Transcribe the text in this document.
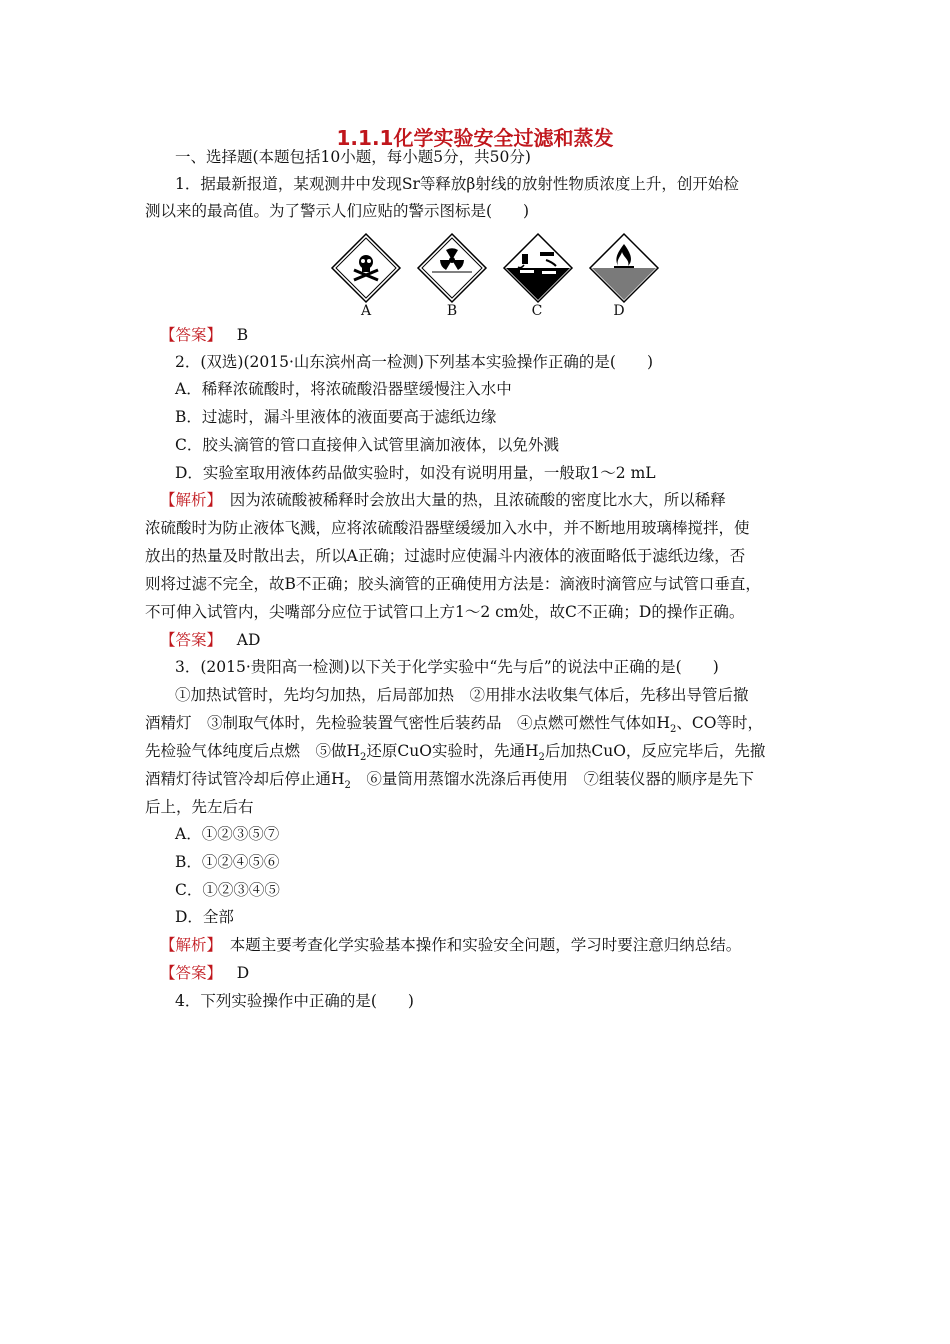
1.1.1化学实验安全过滤和蒸发
一、选择题(本题包括10小题，每小题5分，共50分)
1．据最新报道，某观测井中发现Sr等释放β射线的放射性物质浓度上升，创开始检
测以来的最高值。为了警示人们应贴的警示图标是(　　)
A	B	C	D
【答案】 B
2．(双选)(2015·山东滨州高一检测)下列基本实验操作正确的是(　　)
A．稀释浓硫酸时，将浓硫酸沿器壁缓慢注入水中
B．过滤时，漏斗里液体的液面要高于滤纸边缘
C．胶头滴管的管口直接伸入试管里滴加液体，以免外溅
D．实验室取用液体药品做实验时，如没有说明用量，一般取1～2 mL
【解析】　因为浓硫酸被稀释时会放出大量的热，且浓硫酸的密度比水大，所以稀释
浓硫酸时为防止液体飞溅，应将浓硫酸沿器壁缓缓加入水中，并不断地用玻璃棒搅拌，使
放出的热量及时散出去，所以A正确；过滤时应使漏斗内液体的液面略低于滤纸边缘，否
则将过滤不完全，故B不正确；胶头滴管的正确使用方法是：滴液时滴管应与试管口垂直，
不可伸入试管内，尖嘴部分应位于试管口上方1～2 cm处，故C不正确；D的操作正确。
【答案】 AD
3．(2015·贵阳高一检测)以下关于化学实验中“先与后”的说法中正确的是(　　)
①加热试管时，先均匀加热，后局部加热　②用排水法收集气体后，先移出导管后撤
酒精灯　③制取气体时，先检验装置气密性后装药品　④点燃可燃性气体如$H_2$、CO等时，
先检验气体纯度后点燃　⑤做$H_2$还原CuO实验时，先通$H_2$后加热CuO，反应完毕后，先撤
酒精灯待试管冷却后停止通$H_2$　⑥量筒用蒸馏水洗涤后再使用　⑦组装仪器的顺序是先下
后上，先左后右
A．①②③⑤⑦
B．①②④⑤⑥
C．①②③④⑤
D．全部
【解析】　本题主要考查化学实验基本操作和实验安全问题，学习时要注意归纳总结。
【答案】 D
4．下列实验操作中正确的是(　　)
